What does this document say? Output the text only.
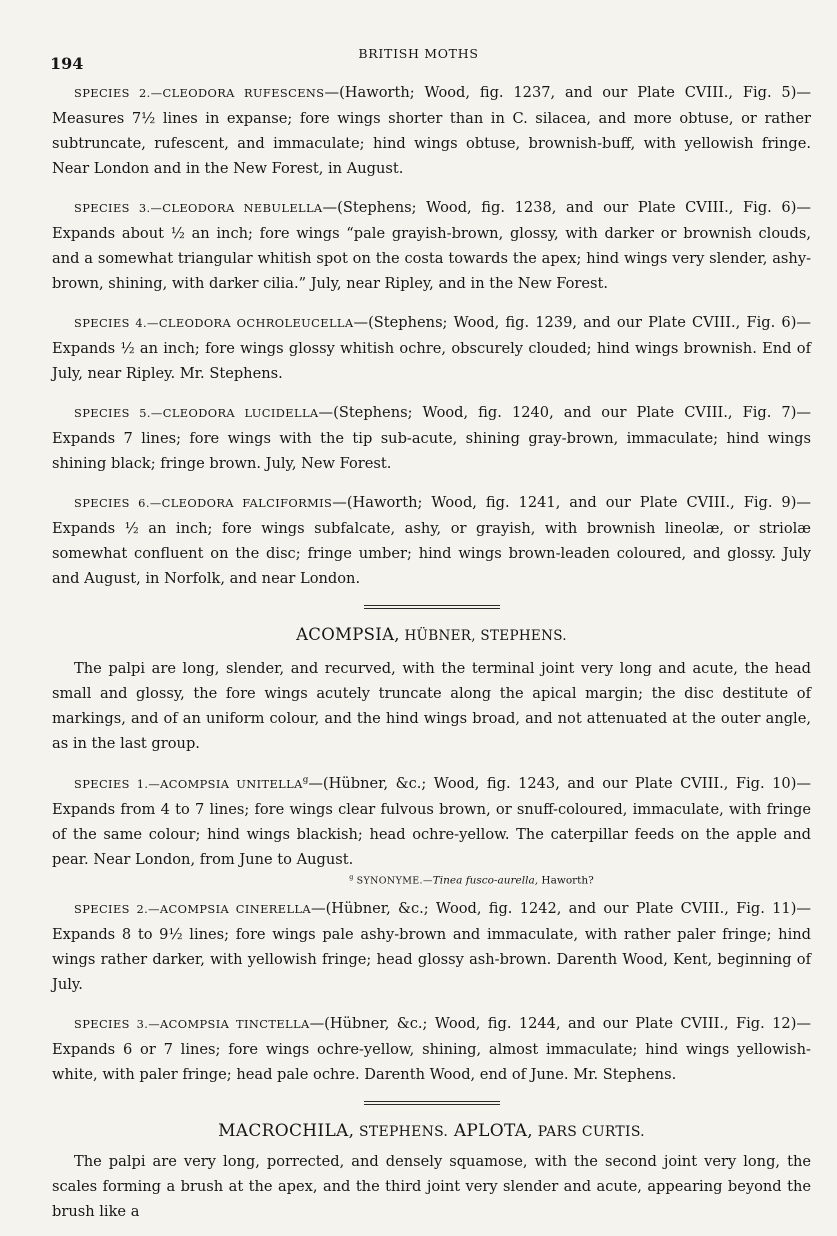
194
BRITISH MOTHS

SPECIES 2.—CLEODORA RUFESCENS—(Haworth; Wood, fig. 1237, and our Plate CVIII., Fig. 5)—Measures 7½ lines in expanse; fore wings shorter than in C. silacea, and more obtuse, or rather subtruncate, rufescent, and immaculate; hind wings obtuse, brownish-buff, with yellowish fringe. Near London and in the New Forest, in August.

SPECIES 3.—CLEODORA NEBULELLA—(Stephens; Wood, fig. 1238, and our Plate CVIII., Fig. 6)—Expands about ½ an inch; fore wings “pale grayish-brown, glossy, with darker or brownish clouds, and a somewhat triangular whitish spot on the costa towards the apex; hind wings very slender, ashy-brown, shining, with darker cilia.” July, near Ripley, and in the New Forest.

SPECIES 4.—CLEODORA OCHROLEUCELLA—(Stephens; Wood, fig. 1239, and our Plate CVIII., Fig. 6)—Expands ½ an inch; fore wings glossy whitish ochre, obscurely clouded; hind wings brownish. End of July, near Ripley. Mr. Stephens.

SPECIES 5.—CLEODORA LUCIDELLA—(Stephens; Wood, fig. 1240, and our Plate CVIII., Fig. 7)—Expands 7 lines; fore wings with the tip sub-acute, shining gray-brown, immaculate; hind wings shining black; fringe brown. July, New Forest.

SPECIES 6.—CLEODORA FALCIFORMIS—(Haworth; Wood, fig. 1241, and our Plate CVIII., Fig. 9)—Expands ½ an inch; fore wings subfalcate, ashy, or grayish, with brownish lineolæ, or striolæ somewhat confluent on the disc; fringe umber; hind wings brown-leaden coloured, and glossy. July and August, in Norfolk, and near London.

ACOMPSIA, HÜBNER, STEPHENS.

The palpi are long, slender, and recurved, with the terminal joint very long and acute, the head small and glossy, the fore wings acutely truncate along the apical margin; the disc destitute of markings, and of an uniform colour, and the hind wings broad, and not attenuated at the outer angle, as in the last group.

SPECIES 1.—ACOMPSIA UNITELLA$^g$—(Hübner, &c.; Wood, fig. 1243, and our Plate CVIII., Fig. 10)—Expands from 4 to 7 lines; fore wings clear fulvous brown, or snuff-coloured, immaculate, with fringe of the same colour; hind wings blackish; head ochre-yellow. The caterpillar feeds on the apple and pear. Near London, from June to August.

$^g$ SYNONYME.—Tinea fusco-aurella, Haworth?

SPECIES 2.—ACOMPSIA CINERELLA—(Hübner, &c.; Wood, fig. 1242, and our Plate CVIII., Fig. 11)—Expands 8 to 9½ lines; fore wings pale ashy-brown and immaculate, with rather paler fringe; hind wings rather darker, with yellowish fringe; head glossy ash-brown. Darenth Wood, Kent, beginning of July.

SPECIES 3.—ACOMPSIA TINCTELLA—(Hübner, &c.; Wood, fig. 1244, and our Plate CVIII., Fig. 12)—Expands 6 or 7 lines; fore wings ochre-yellow, shining, almost immaculate; hind wings yellowish-white, with paler fringe; head pale ochre. Darenth Wood, end of June. Mr. Stephens.

MACROCHILA, STEPHENS. APLOTA, PARS CURTIS.

The palpi are very long, porrected, and densely squamose, with the second joint very long, the scales forming a brush at the apex, and the third joint very slender and acute, appearing beyond the brush like a
